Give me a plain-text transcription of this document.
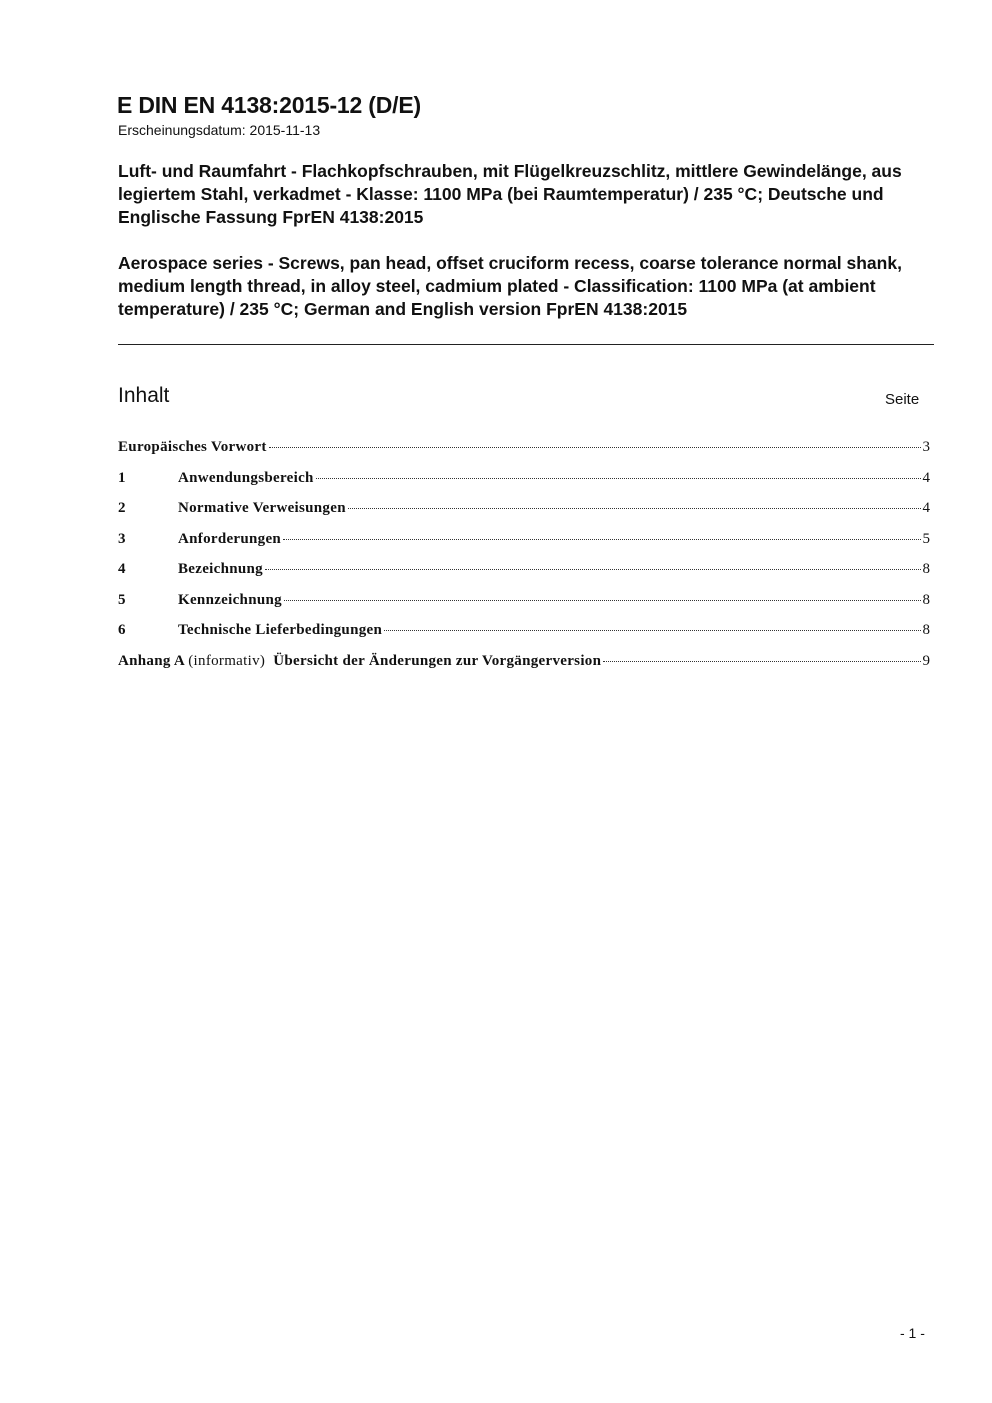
E DIN EN 4138:2015-12 (D/E)
Erscheinungsdatum: 2015-11-13
Luft- und Raumfahrt - Flachkopfschrauben, mit Flügelkreuzschlitz, mittlere Gewindelänge, aus legiertem Stahl, verkadmet - Klasse: 1100 MPa (bei Raumtemperatur) / 235 °C; Deutsche und Englische Fassung FprEN 4138:2015
Aerospace series - Screws, pan head, offset cruciform recess, coarse tolerance normal shank, medium length thread, in alloy steel, cadmium plated - Classification: 1100 MPa (at ambient temperature) / 235 °C; German and English version FprEN 4138:2015
Inhalt	Seite
Europäisches Vorwort	3
1	Anwendungsbereich	4
2	Normative Verweisungen	4
3	Anforderungen	5
4	Bezeichnung	8
5	Kennzeichnung	8
6	Technische Lieferbedingungen	8
Anhang A (informativ) Übersicht der Änderungen zur Vorgängerversion	9
- 1 -
